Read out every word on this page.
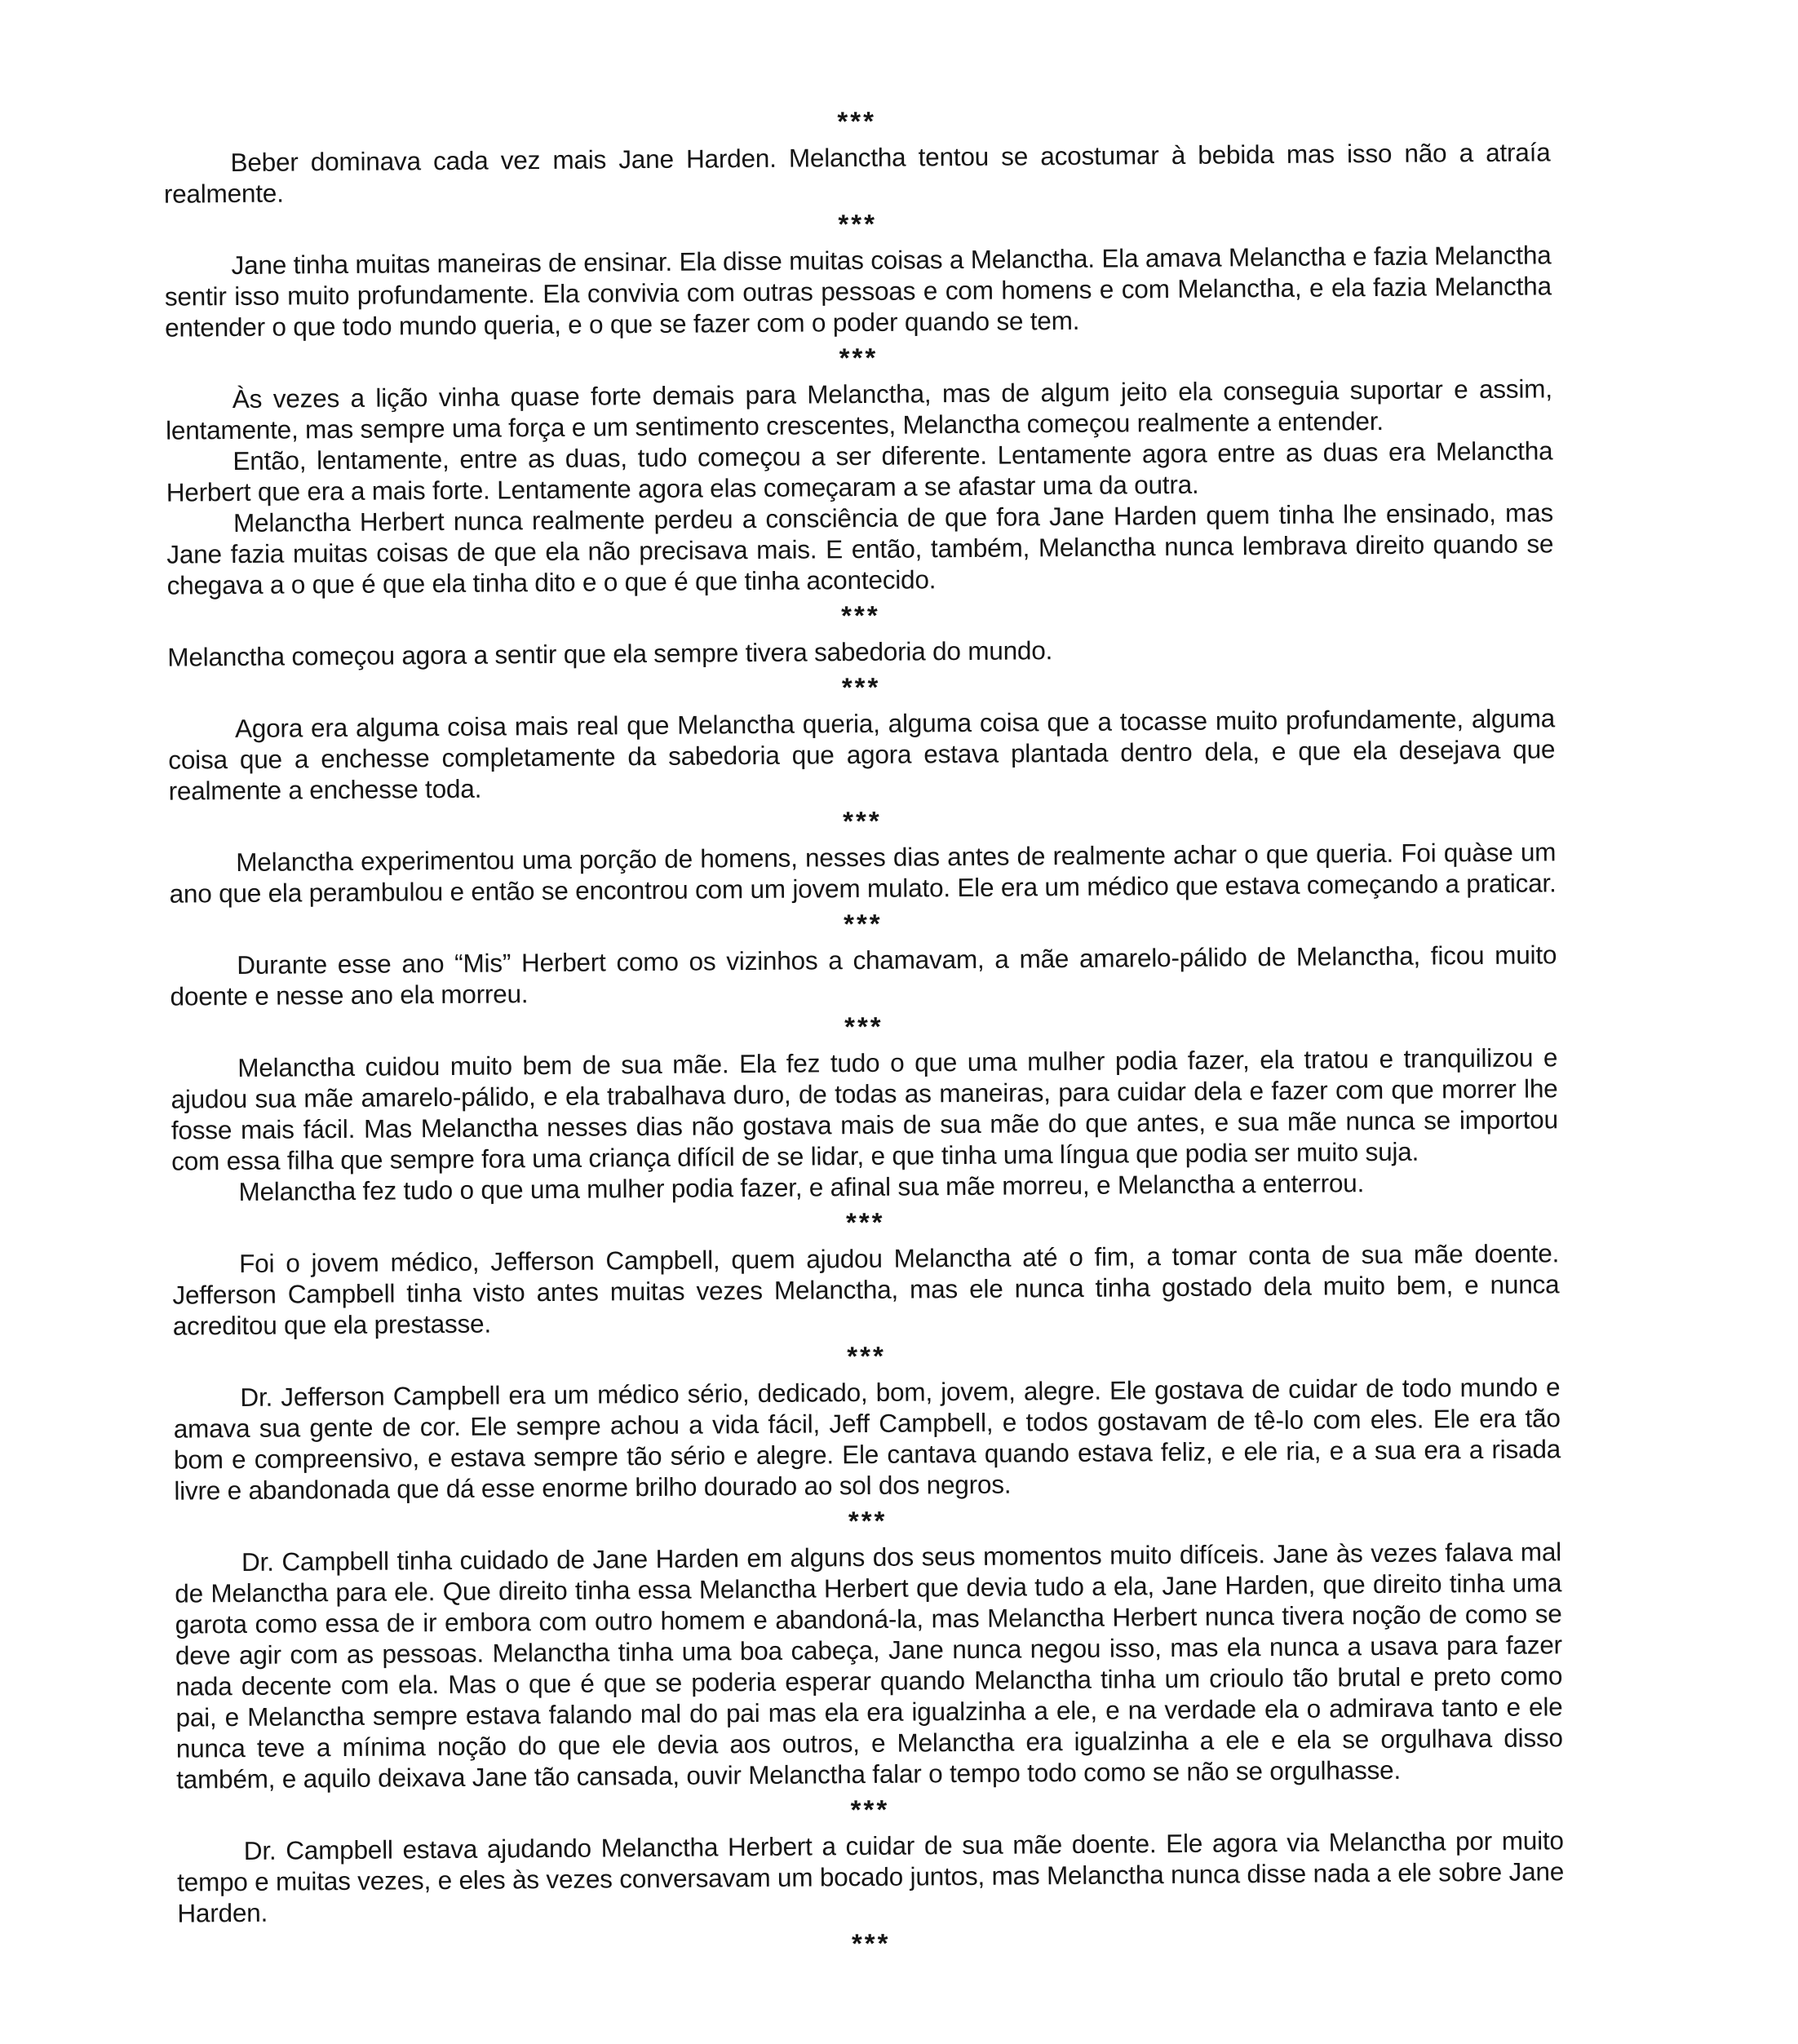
***

Beber dominava cada vez mais Jane Harden. Melanctha tentou se acostumar à bebida mas isso não a atraía realmente.

***

Jane tinha muitas maneiras de ensinar. Ela disse muitas coisas a Melanctha. Ela amava Melanctha e fazia Melanctha sentir isso muito profundamente. Ela convivia com outras pessoas e com homens e com Melanctha, e ela fazia Melanctha entender o que todo mundo queria, e o que se fazer com o poder quando se tem.

***

Às vezes a lição vinha quase forte demais para Melanctha, mas de algum jeito ela conseguia suportar e assim, lentamente, mas sempre uma força e um sentimento crescentes, Melanctha começou realmente a entender.

Então, lentamente, entre as duas, tudo começou a ser diferente. Lentamente agora entre as duas era Melanctha Herbert que era a mais forte. Lentamente agora elas começaram a se afastar uma da outra.

Melanctha Herbert nunca realmente perdeu a consciência de que fora Jane Harden quem tinha lhe ensinado, mas Jane fazia muitas coisas de que ela não precisava mais. E então, também, Melanctha nunca lembrava direito quando se chegava a o que é que ela tinha dito e o que é que tinha acontecido.

***

Melanctha começou agora a sentir que ela sempre tivera sabedoria do mundo.

***

Agora era alguma coisa mais real que Melanctha queria, alguma coisa que a tocasse muito profundamente, alguma coisa que a enchesse completamente da sabedoria que agora estava plantada dentro dela, e que ela desejava que realmente a enchesse toda.

***

Melanctha experimentou uma porção de homens, nesses dias antes de realmente achar o que queria. Foi quàse um ano que ela perambulou e então se encontrou com um jovem mulato. Ele era um médico que estava começando a praticar.

***

Durante esse ano “Mis” Herbert como os vizinhos a chamavam, a mãe amarelo-pálido de Melanctha, ficou muito doente e nesse ano ela morreu.

***

Melanctha cuidou muito bem de sua mãe. Ela fez tudo o que uma mulher podia fazer, ela tratou e tranquilizou e ajudou sua mãe amarelo-pálido, e ela trabalhava duro, de todas as maneiras, para cuidar dela e fazer com que morrer lhe fosse mais fácil. Mas Melanctha nesses dias não gostava mais de sua mãe do que antes, e sua mãe nunca se importou com essa filha que sempre fora uma criança difícil de se lidar, e que tinha uma língua que podia ser muito suja.

Melanctha fez tudo o que uma mulher podia fazer, e afinal sua mãe morreu, e Melanctha a enterrou.

***

Foi o jovem médico, Jefferson Campbell, quem ajudou Melanctha até o fim, a tomar conta de sua mãe doente. Jefferson Campbell tinha visto antes muitas vezes Melanctha, mas ele nunca tinha gostado dela muito bem, e nunca acreditou que ela prestasse.

***

Dr. Jefferson Campbell era um médico sério, dedicado, bom, jovem, alegre. Ele gostava de cuidar de todo mundo e amava sua gente de cor. Ele sempre achou a vida fácil, Jeff Campbell, e todos gostavam de tê-lo com eles. Ele era tão bom e compreensivo, e estava sempre tão sério e alegre. Ele cantava quando estava feliz, e ele ria, e a sua era a risada livre e abandonada que dá esse enorme brilho dourado ao sol dos negros.

***

Dr. Campbell tinha cuidado de Jane Harden em alguns dos seus momentos muito difíceis. Jane às vezes falava mal de Melanctha para ele. Que direito tinha essa Melanctha Herbert que devia tudo a ela, Jane Harden, que direito tinha uma garota como essa de ir embora com outro homem e abandoná-la, mas Melanctha Herbert nunca tivera noção de como se deve agir com as pessoas. Melanctha tinha uma boa cabeça, Jane nunca negou isso, mas ela nunca a usava para fazer nada decente com ela. Mas o que é que se poderia esperar quando Melanctha tinha um crioulo tão brutal e preto como pai, e Melanctha sempre estava falando mal do pai mas ela era igualzinha a ele, e na verdade ela o admirava tanto e ele nunca teve a mínima noção do que ele devia aos outros, e Melanctha era igualzinha a ele e ela se orgulhava disso também, e aquilo deixava Jane tão cansada, ouvir Melanctha falar o tempo todo como se não se orgulhasse.

***

Dr. Campbell estava ajudando Melanctha Herbert a cuidar de sua mãe doente. Ele agora via Melanctha por muito tempo e muitas vezes, e eles às vezes conversavam um bocado juntos, mas Melanctha nunca disse nada a ele sobre Jane Harden.

***
